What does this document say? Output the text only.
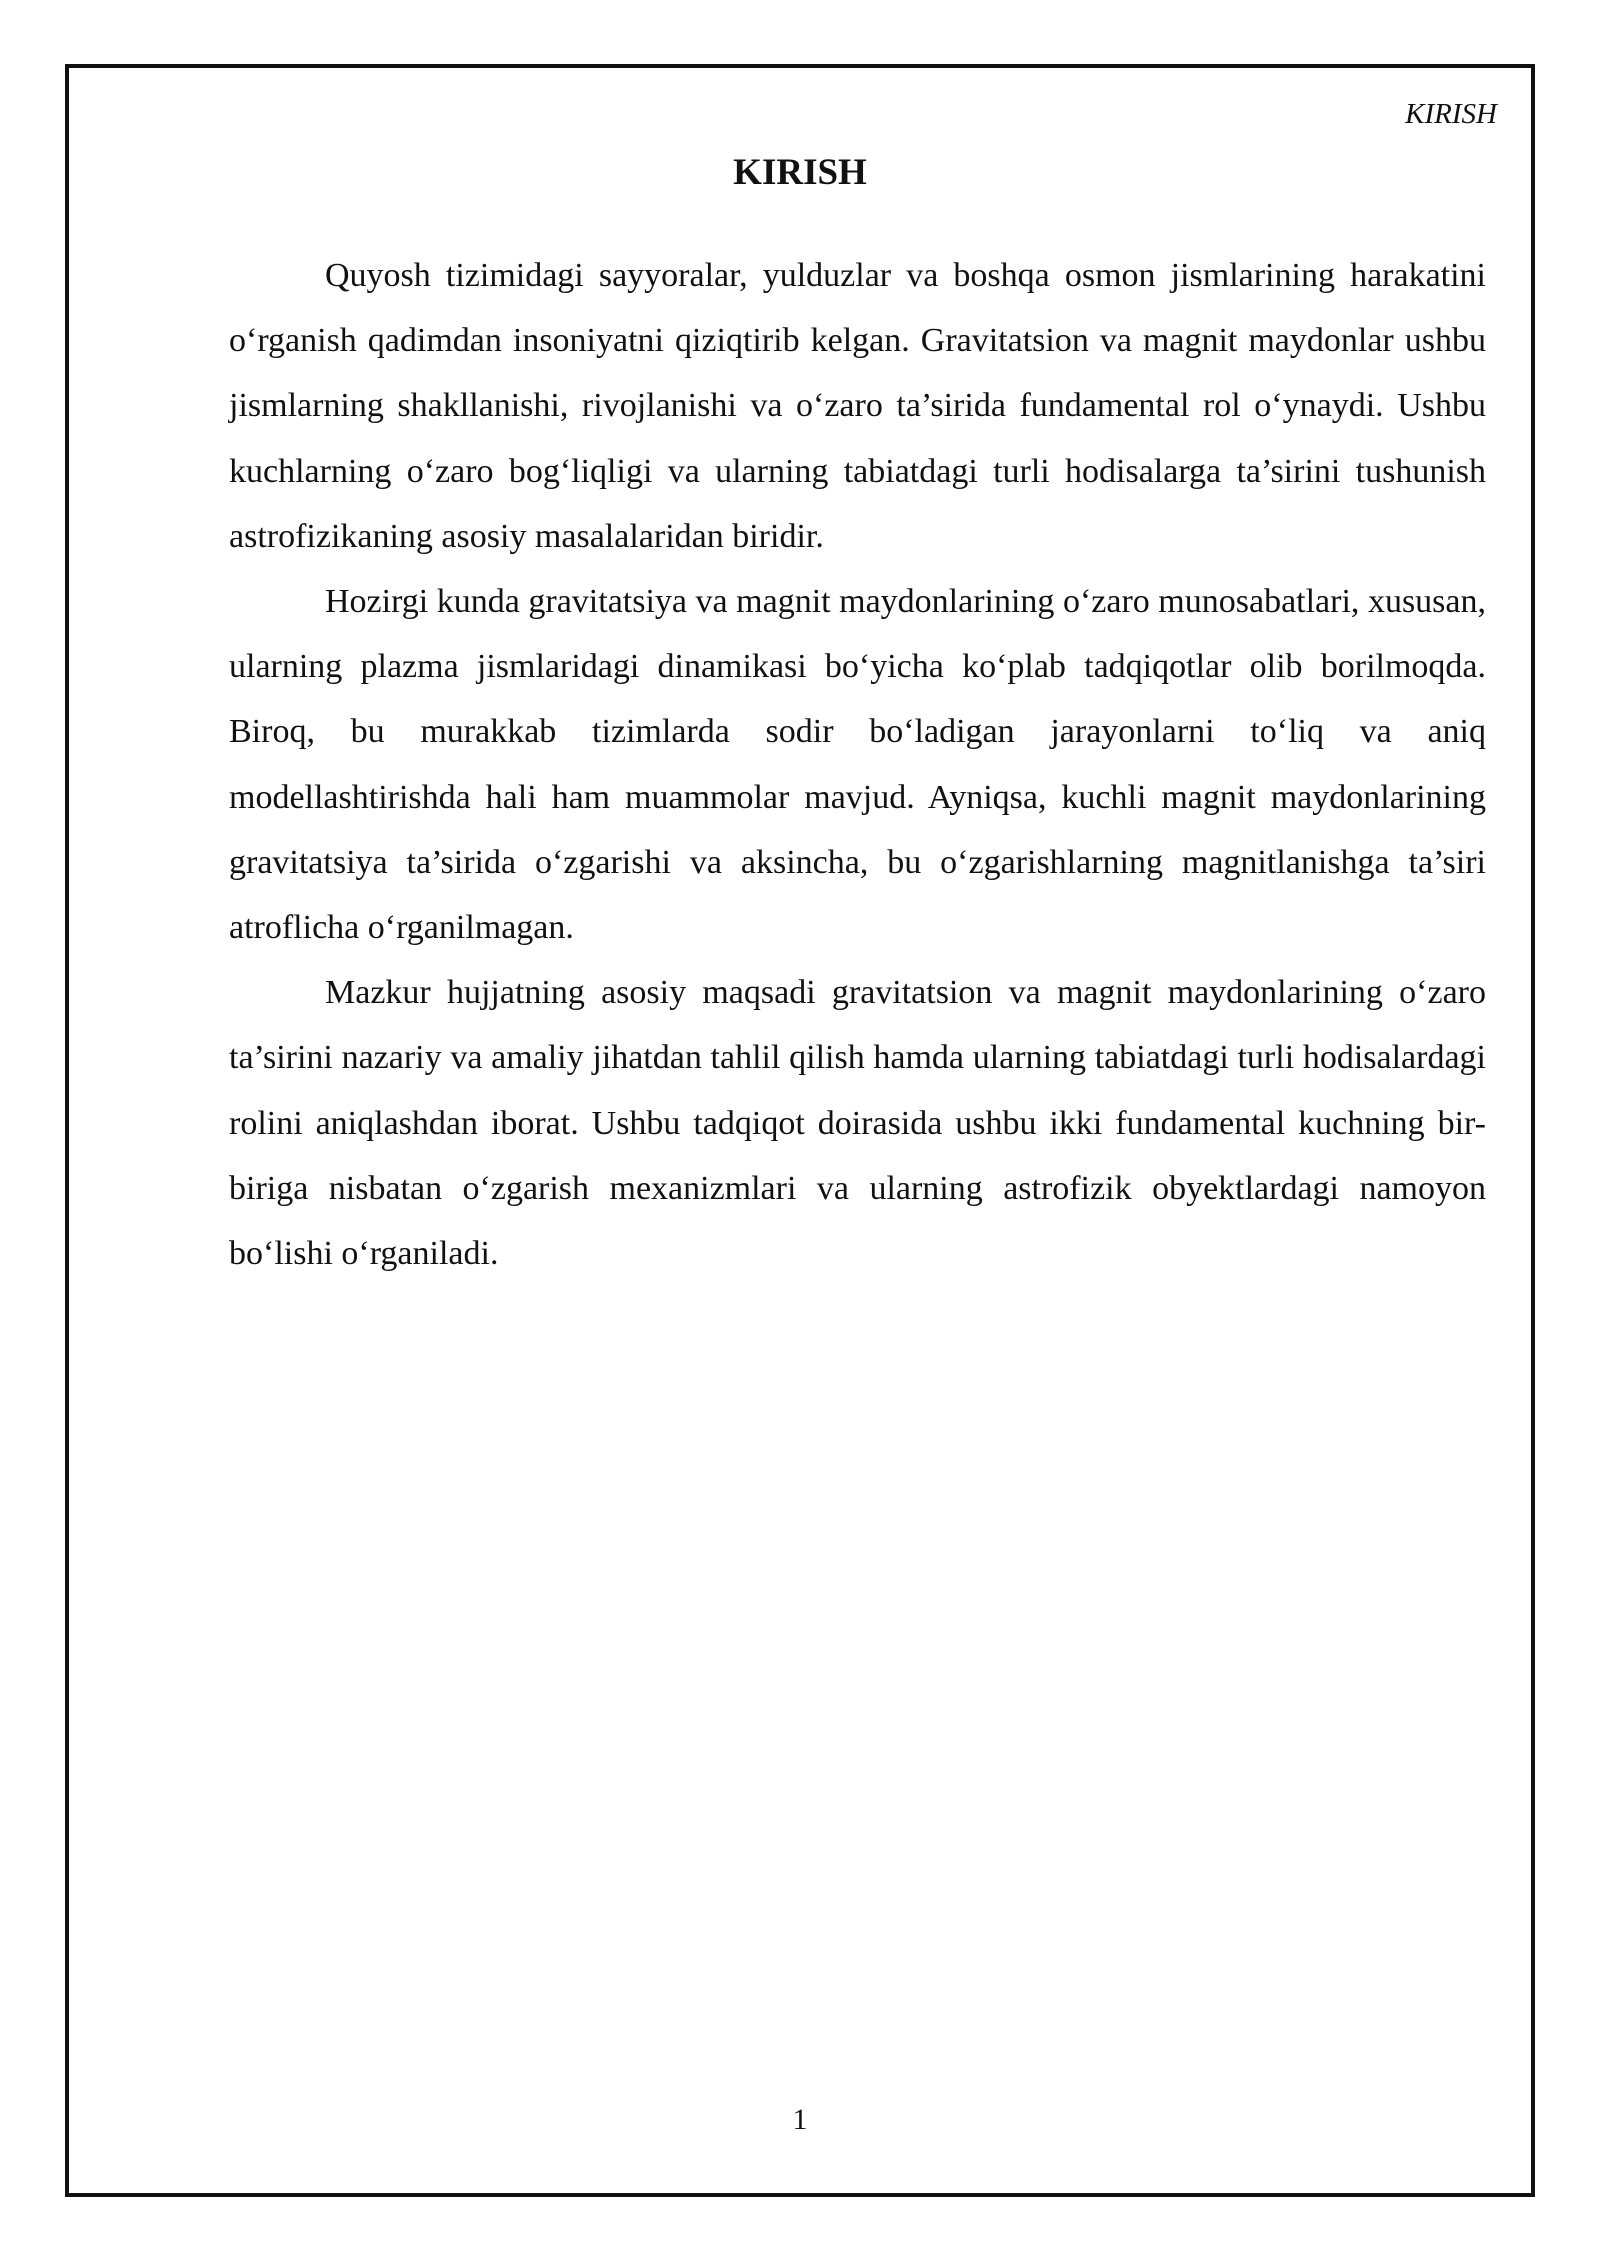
KIRISH
KIRISH

Quyosh tizimidagi sayyoralar, yulduzlar va boshqa osmon jismlarining harakatini o‘rganish qadimdan insoniyatni qiziqtirib kelgan. Gravitatsion va magnit maydonlar ushbu jismlarning shakllanishi, rivojlanishi va o‘zaro ta’sirida fundamental rol o‘ynaydi. Ushbu kuchlarning o‘zaro bog‘liqligi va ularning tabiatdagi turli hodisalarga ta’sirini tushunish astrofizikaning asosiy masalalaridan biridir.

Hozirgi kunda gravitatsiya va magnit maydonlarining o‘zaro munosabatlari, xususan, ularning plazma jismlaridagi dinamikasi bo‘yicha ko‘plab tadqiqotlar olib borilmoqda. Biroq, bu murakkab tizimlarda sodir bo‘ladigan jarayonlarni to‘liq va aniq modellashtirishda hali ham muammolar mavjud. Ayniqsa, kuchli magnit maydonlarining gravitatsiya ta’sirida o‘zgarishi va aksincha, bu o‘zgarishlarning magnitlanishga ta’siri atroflicha o‘rganilmagan.

Mazkur hujjatning asosiy maqsadi gravitatsion va magnit maydonlarining o‘zaro ta’sirini nazariy va amaliy jihatdan tahlil qilish hamda ularning tabiatdagi turli hodisalardagi rolini aniqlashdan iborat. Ushbu tadqiqot doirasida ushbu ikki fundamental kuchning bir-biriga nisbatan o‘zgarish mexanizmlari va ularning astrofizik obyektlardagi namoyon bo‘lishi o‘rganiladi.

1
